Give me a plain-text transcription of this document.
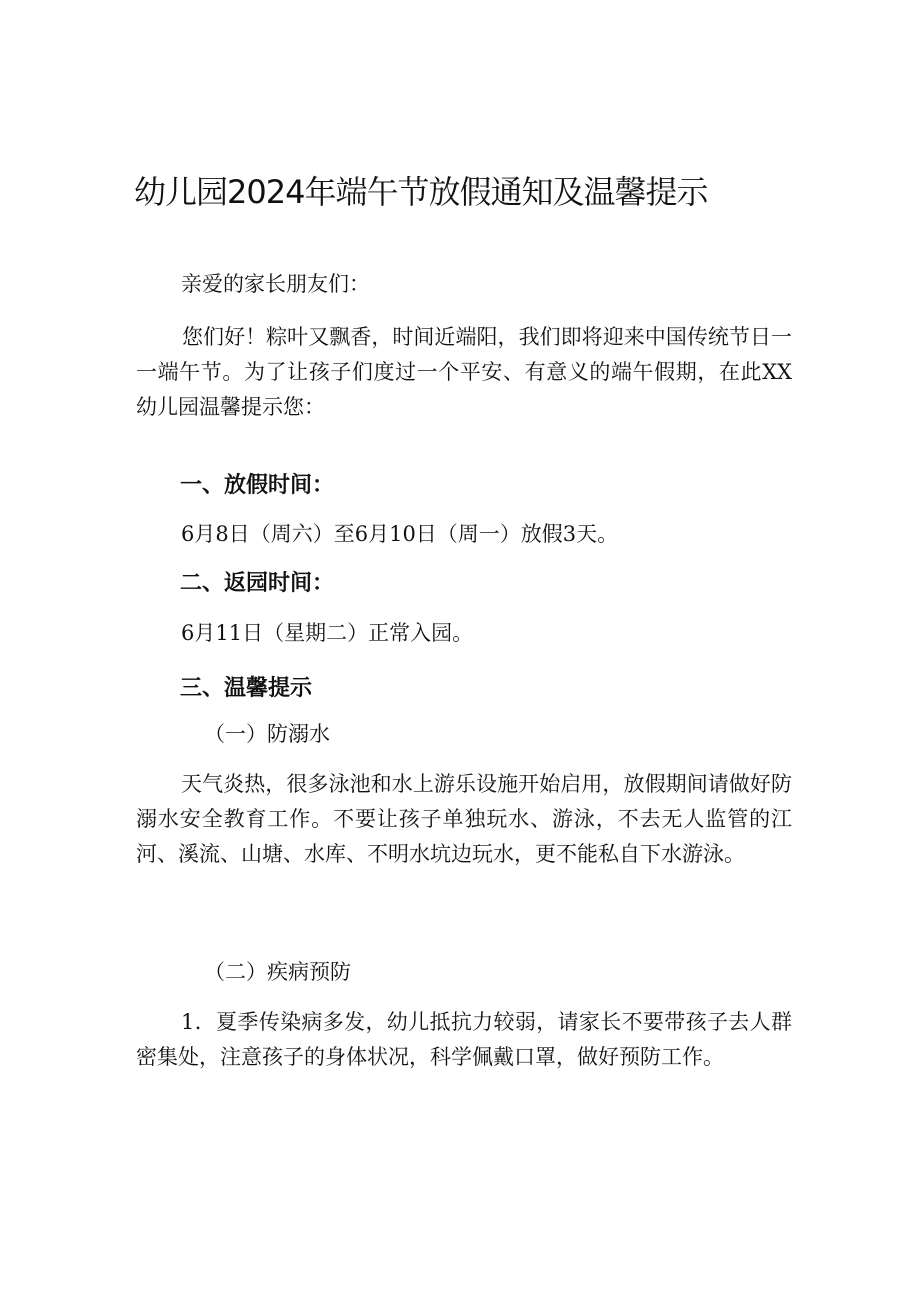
幼儿园2024年端午节放假通知及温馨提示

亲爱的家长朋友们：

您们好！粽叶又飘香，时间近端阳，我们即将迎来中国传统节日一一端午节。为了让孩子们度过一个平安、有意义的端午假期，在此XX幼儿园温馨提示您：

一、放假时间：

6月8日（周六）至6月10日（周一）放假3天。

二、返园时间：

6月11日（星期二）正常入园。

三、温馨提示

（一）防溺水

天气炎热，很多泳池和水上游乐设施开始启用，放假期间请做好防溺水安全教育工作。不要让孩子单独玩水、游泳，不去无人监管的江河、溪流、山塘、水库、不明水坑边玩水，更不能私自下水游泳。

（二）疾病预防

1．夏季传染病多发，幼儿抵抗力较弱，请家长不要带孩子去人群密集处，注意孩子的身体状况，科学佩戴口罩，做好预防工作。
